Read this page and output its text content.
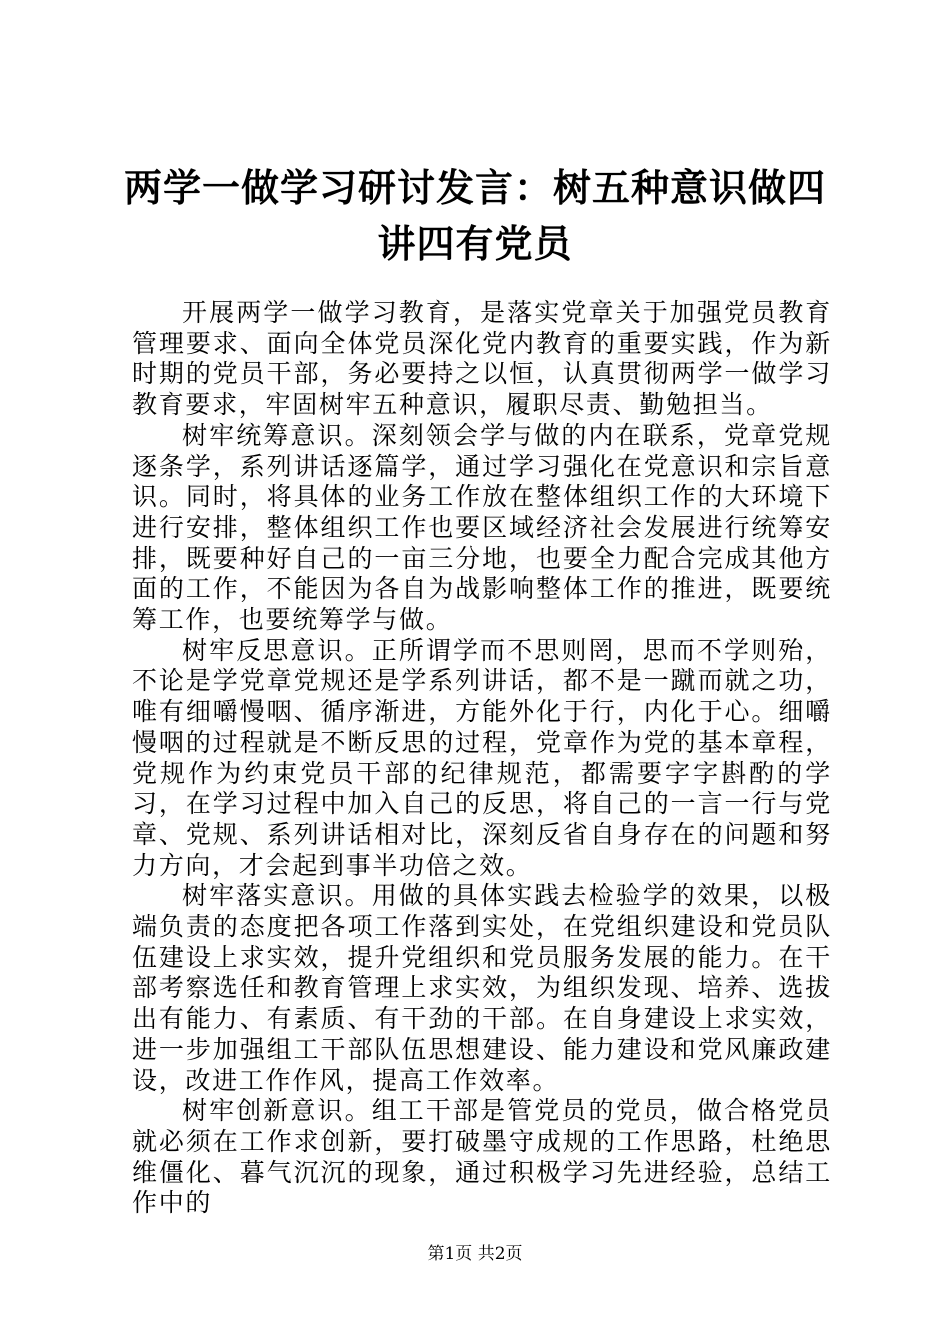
两学一做学习研讨发言：树五种意识做四讲四有党员

开展两学一做学习教育，是落实党章关于加强党员教育管理要求、面向全体党员深化党内教育的重要实践，作为新时期的党员干部，务必要持之以恒，认真贯彻两学一做学习教育要求，牢固树牢五种意识，履职尽责、勤勉担当。

树牢统筹意识。深刻领会学与做的内在联系，党章党规逐条学，系列讲话逐篇学，通过学习强化在党意识和宗旨意识。同时，将具体的业务工作放在整体组织工作的大环境下进行安排，整体组织工作也要区域经济社会发展进行统筹安排，既要种好自己的一亩三分地，也要全力配合完成其他方面的工作，不能因为各自为战影响整体工作的推进，既要统筹工作，也要统筹学与做。

树牢反思意识。正所谓学而不思则罔，思而不学则殆，不论是学党章党规还是学系列讲话，都不是一蹴而就之功，唯有细嚼慢咽、循序渐进，方能外化于行，内化于心。细嚼慢咽的过程就是不断反思的过程，党章作为党的基本章程，党规作为约束党员干部的纪律规范，都需要字字斟酌的学习，在学习过程中加入自己的反思，将自己的一言一行与党章、党规、系列讲话相对比，深刻反省自身存在的问题和努力方向，才会起到事半功倍之效。

树牢落实意识。用做的具体实践去检验学的效果，以极端负责的态度把各项工作落到实处，在党组织建设和党员队伍建设上求实效，提升党组织和党员服务发展的能力。在干部考察选任和教育管理上求实效，为组织发现、培养、选拔出有能力、有素质、有干劲的干部。在自身建设上求实效，进一步加强组工干部队伍思想建设、能力建设和党风廉政建设，改进工作作风，提高工作效率。

树牢创新意识。组工干部是管党员的党员，做合格党员就必须在工作求创新，要打破墨守成规的工作思路，杜绝思维僵化、暮气沉沉的现象，通过积极学习先进经验，总结工作中的

第1页 共2页
